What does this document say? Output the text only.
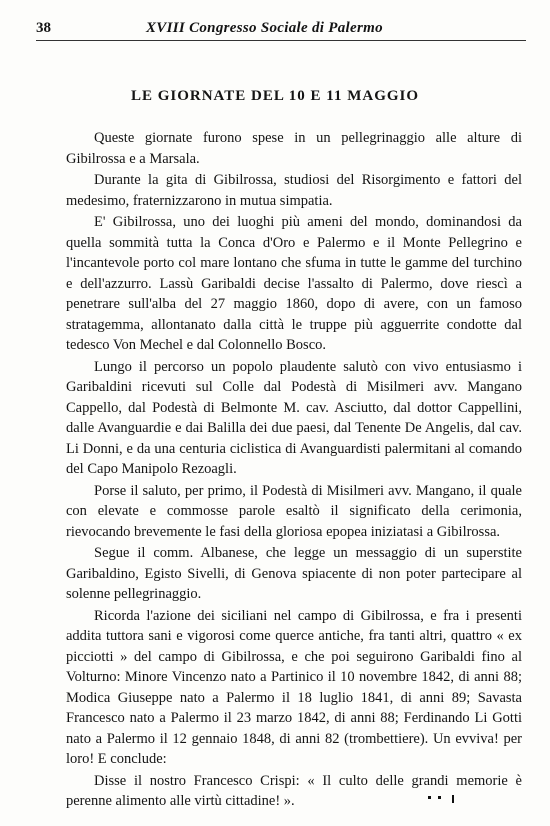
38	XVIII Congresso Sociale di Palermo
LE GIORNATE DEL 10 E 11 MAGGIO

Queste giornate furono spese in un pellegrinaggio alle alture di Gibilrossa e a Marsala.

Durante la gita di Gibilrossa, studiosi del Risorgimento e fattori del medesimo, fraternizzarono in mutua simpatia.

E' Gibilrossa, uno dei luoghi più ameni del mondo, dominandosi da quella sommità tutta la Conca d'Oro e Palermo e il Monte Pellegrino e l'incantevole porto col mare lontano che sfuma in tutte le gamme del turchino e dell'azzurro. Lassù Garibaldi decise l'assalto di Palermo, dove riescì a penetrare sull'alba del 27 maggio 1860, dopo di avere, con un famoso stratagemma, allontanato dalla città le truppe più agguerrite condotte dal tedesco Von Mechel e dal Colonnello Bosco.

Lungo il percorso un popolo plaudente salutò con vivo entusiasmo i Garibaldini ricevuti sul Colle dal Podestà di Misilmeri avv. Mangano Cappello, dal Podestà di Belmonte M. cav. Asciutto, dal dottor Cappellini, dalle Avanguardie e dai Balilla dei due paesi, dal Tenente De Angelis, dal cav. Li Donni, e da una centuria ciclistica di Avanguardisti palermitani al comando del Capo Manipolo Rezoagli.

Porse il saluto, per primo, il Podestà di Misilmeri avv. Mangano, il quale con elevate e commosse parole esaltò il significato della cerimonia, rievocando brevemente le fasi della gloriosa epopea iniziatasi a Gibilrossa.

Segue il comm. Albanese, che legge un messaggio di un superstite Garibaldino, Egisto Sivelli, di Genova spiacente di non poter partecipare al solenne pellegrinaggio.

Ricorda l'azione dei siciliani nel campo di Gibilrossa, e fra i presenti addita tuttora sani e vigorosi come querce antiche, fra tanti altri, quattro « ex picciotti » del campo di Gibilrossa, e che poi seguirono Garibaldi fino al Volturno: Minore Vincenzo nato a Partinico il 10 novembre 1842, di anni 88; Modica Giuseppe nato a Palermo il 18 luglio 1841, di anni 89; Savasta Francesco nato a Palermo il 23 marzo 1842, di anni 88; Ferdinando Li Gotti nato a Palermo il 12 gennaio 1848, di anni 82 (trombettiere). Un evviva! per loro! E conclude:

Disse il nostro Francesco Crispi: « Il culto delle grandi memorie è perenne alimento alle virtù cittadine! ».
